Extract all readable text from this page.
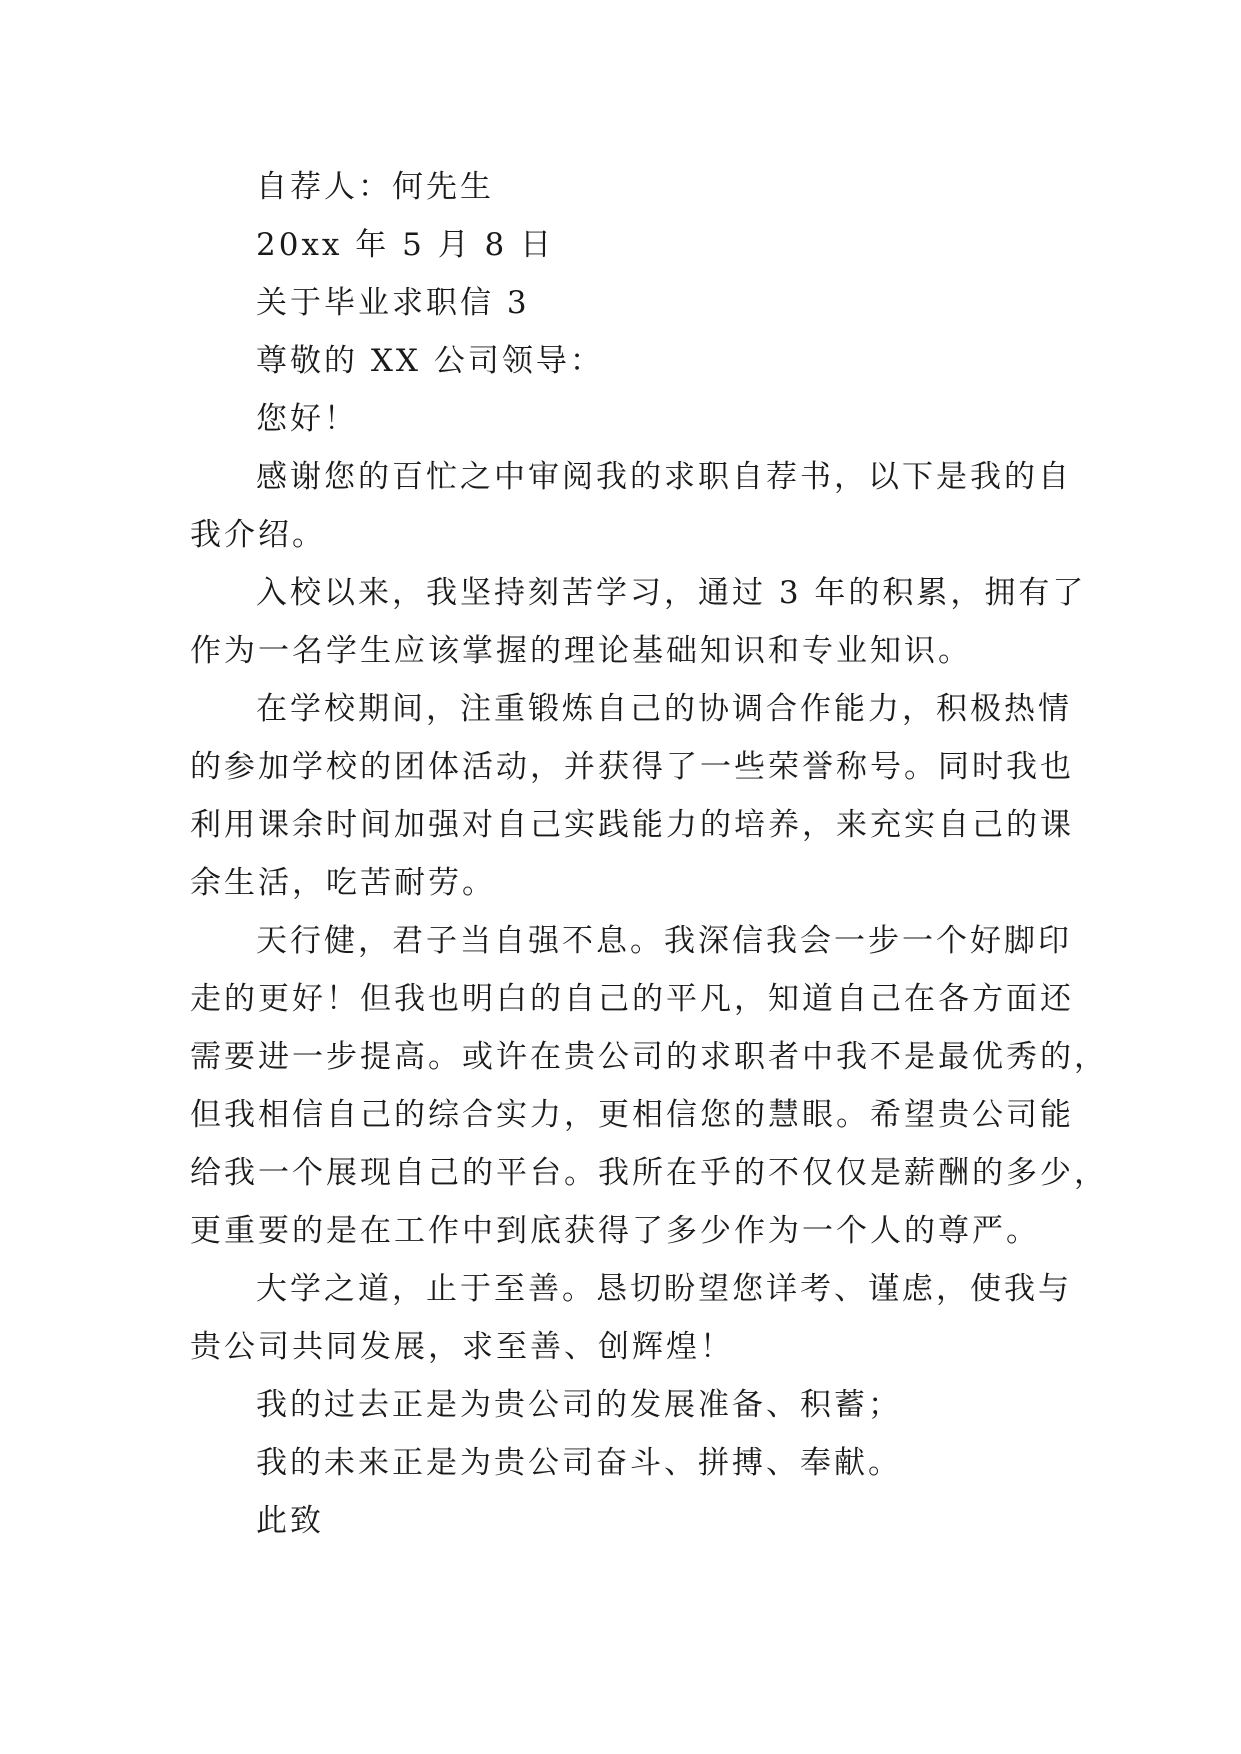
自荐人：何先生
20xx 年 5 月 8 日
关于毕业求职信 3
尊敬的 XX 公司领导：
您好！
感谢您的百忙之中审阅我的求职自荐书，以下是我的自
我介绍。
入校以来，我坚持刻苦学习，通过 3 年的积累，拥有了
作为一名学生应该掌握的理论基础知识和专业知识。
在学校期间，注重锻炼自己的协调合作能力，积极热情
的参加学校的团体活动，并获得了一些荣誉称号。同时我也
利用课余时间加强对自己实践能力的培养，来充实自己的课
余生活，吃苦耐劳。
天行健，君子当自强不息。我深信我会一步一个好脚印
走的更好！但我也明白的自己的平凡，知道自己在各方面还
需要进一步提高。或许在贵公司的求职者中我不是最优秀的，
但我相信自己的综合实力，更相信您的慧眼。希望贵公司能
给我一个展现自己的平台。我所在乎的不仅仅是薪酬的多少，
更重要的是在工作中到底获得了多少作为一个人的尊严。
大学之道，止于至善。恳切盼望您详考、谨虑，使我与
贵公司共同发展，求至善、创辉煌！
我的过去正是为贵公司的发展准备、积蓄；
我的未来正是为贵公司奋斗、拼搏、奉献。
此致
